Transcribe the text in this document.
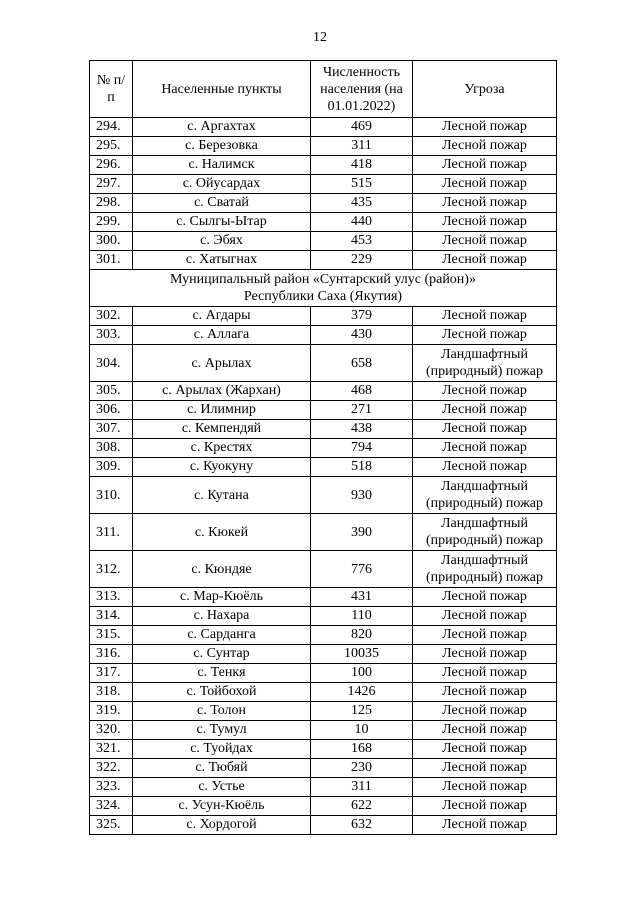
12
№ п/п	Населенные пункты	Численность населения (на 01.01.2022)	Угроза
294.	с. Аргахтах	469	Лесной пожар
295.	с. Березовка	311	Лесной пожар
296.	с. Налимск	418	Лесной пожар
297.	с. Ойусардах	515	Лесной пожар
298.	с. Сватай	435	Лесной пожар
299.	с. Сылгы-Ытар	440	Лесной пожар
300.	с. Эбях	453	Лесной пожар
301.	с. Хатыгнах	229	Лесной пожар
Муниципальный район «Сунтарский улус (район)»
Республики Саха (Якутия)			
302.	с. Агдары	379	Лесной пожар
303.	с. Аллага	430	Лесной пожар
304.	с. Арылах	658	Ландшафтный (природный) пожар
305.	с. Арылах (Жархан)	468	Лесной пожар
306.	с. Илимнир	271	Лесной пожар
307.	с. Кемпендяй	438	Лесной пожар
308.	с. Крестях	794	Лесной пожар
309.	с. Куокуну	518	Лесной пожар
310.	с. Кутана	930	Ландшафтный (природный) пожар
311.	с. Кюкей	390	Ландшафтный (природный) пожар
312.	с. Кюндяе	776	Ландшафтный (природный) пожар
313.	с. Мар-Кюёль	431	Лесной пожар
314.	с. Нахара	110	Лесной пожар
315.	с. Сарданга	820	Лесной пожар
316.	с. Сунтар	10035	Лесной пожар
317.	с. Тенкя	100	Лесной пожар
318.	с. Тойбохой	1426	Лесной пожар
319.	с. Толон	125	Лесной пожар
320.	с. Тумул	10	Лесной пожар
321.	с. Туойдах	168	Лесной пожар
322.	с. Тюбяй	230	Лесной пожар
323.	с. Устье	311	Лесной пожар
324.	с. Усун-Кюёль	622	Лесной пожар
325.	с. Хордогой	632	Лесной пожар
